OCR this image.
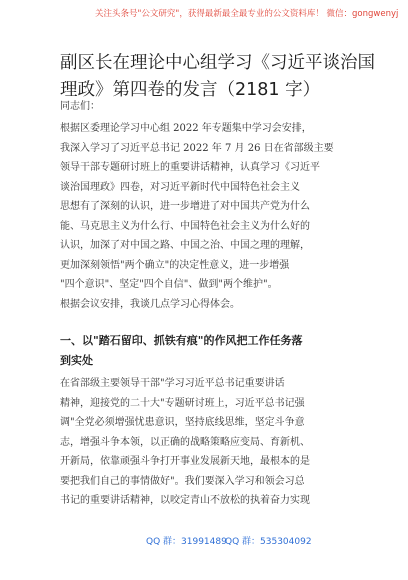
关注头条号"公文研究"，获得最新最全最专业的公文资料库！ 微信：gongwenyj
副区长在理论中心组学习《习近平谈治国
理政》第四卷的发言（2181 字）
同志们：
根据区委理论学习中心组 2022 年专题集中学习会安排，
我深入学习了习近平总书记 2022 年 7 月 26 日在省部级主要
领导干部专题研讨班上的重要讲话精神，认真学习《习近平
谈治国理政》四卷，对习近平新时代中国特色社会主义
思想有了深刻的认识，进一步增进了对中国共产党为什么
能、马克思主义为什么行、中国特色社会主义为什么好的
认识，加深了对中国之路、中国之治、中国之理的理解，
更加深刻领悟"两个确立"的决定性意义，进一步增强
"四个意识"、坚定"四个自信"、做到"两个维护"。
根据会议安排，我谈几点学习心得体会。
一、以"踏石留印、抓铁有痕"的作风把工作任务落
到实处
在省部级主要领导干部"学习习近平总书记重要讲话
精神，迎接党的二十大"专题研讨班上，习近平总书记强
调"全党必须增强忧患意识，坚持底线思维，坚定斗争意
志，增强斗争本领，以正确的战略策略应变局、育新机、
开新局，依靠顽强斗争打开事业发展新天地，最根本的是
要把我们自己的事情做好"。我们要深入学习和领会习总
书记的重要讲话精神，以咬定青山不放松的执着奋力实现
QQ 群：31991489
QQ 群：535304092
